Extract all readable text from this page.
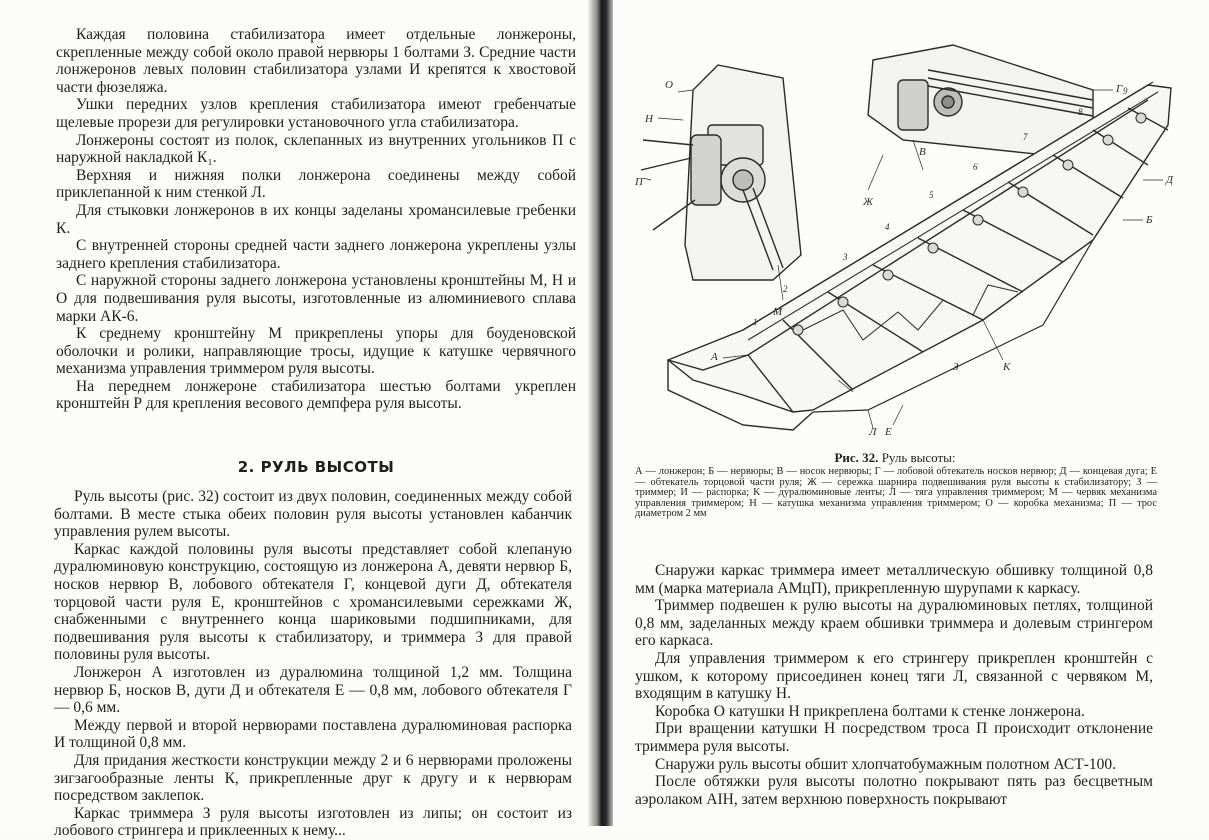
Каждая половина стабилизатора имеет отдельные лонжероны, скрепленные между собой около правой нервюры 1 болтами З. Средние части лонжеронов левых половин стабилизатора узлами И крепятся к хвостовой части фюзеляжа.

Ушки передних узлов крепления стабилизатора имеют гребенчатые щелевые прорези для регулировки установочного угла стабилизатора.

Лонжероны состоят из полок, склепанных из внутренних угольников П с наружной накладкой К₁.

Верхняя и нижняя полки лонжерона соединены между собой приклепанной к ним стенкой Л.

Для стыковки лонжеронов в их концы заделаны хромансилевые гребенки К.

С внутренней стороны средней части заднего лонжерона укреплены узлы заднего крепления стабилизатора.

С наружной стороны заднего лонжерона установлены кронштейны М, Н и О для подвешивания руля высоты, изготовленные из алюминиевого сплава марки АК-6.

К среднему кронштейну М прикреплены упоры для боуденовской оболочки и ролики, направляющие тросы, идущие к катушке червячного механизма управления триммером руля высоты.

На переднем лонжероне стабилизатора шестью болтами укреплен кронштейн Р для крепления весового демпфера руля высоты.

2. РУЛЬ ВЫСОТЫ

Руль высоты (рис. 32) состоит из двух половин, соединенных между собой болтами. В месте стыка обеих половин руля высоты установлен кабанчик управления рулем высоты.

Каркас каждой половины руля высоты представляет собой клепаную дуралюминовую конструкцию, состоящую из лонжерона А, девяти нервюр Б, носков нервюр В, лобового обтекателя Г, концевой дуги Д, обтекателя торцовой части руля Е, кронштейнов с хромансилевыми сережками Ж, снабженными с внутреннего конца шариковыми подшипниками, для подвешивания руля высоты к стабилизатору, и триммера З для правой половины руля высоты.

Лонжерон А изготовлен из дуралюмина толщиной 1,2 мм. Толщина нервюр Б, носков В, дуги Д и обтекателя Е — 0,8 мм, лобового обтекателя Г — 0,6 мм.

Между первой и второй нервюрами поставлена дуралюминовая распорка И толщиной 0,8 мм.

Для придания жесткости конструкции между 2 и 6 нервюрами проложены зигзагообразные ленты К, прикрепленные друг к другу и к нервюрам посредством заклепок.

Каркас триммера З руля высоты изготовлен из липы; он состоит из лобового стрингера и приклеенных к нему...

О
Н
П
М
В
Ж
Г
Д
Б
А
К
З
Е
Л
1
2
3
4
5
6
7
8
9
Рис. 32. Руль высоты:
А — лонжерон; Б — нервюры; В — носок нервюры; Г — лобовой обтекатель носков нервюр; Д — концевая дуга; Е — обтекатель торцовой части руля; Ж — сережка шарнира подвешивания руля высоты к стабилизатору; З — триммер; И — распорка; К — дуралюминовые ленты; Л — тяга управления триммером; М — червяк механизма управления триммером; Н — катушка механизма управления триммером; О — коробка механизма; П — трос диаметром 2 мм

Снаружи каркас триммера имеет металлическую обшивку толщиной 0,8 мм (марка материала АМцП), прикрепленную шурупами к каркасу.

Триммер подвешен к рулю высоты на дуралюминовых петлях, толщиной 0,8 мм, заделанных между краем обшивки триммера и долевым стрингером его каркаса.

Для управления триммером к его стрингеру прикреплен кронштейн с ушком, к которому присоединен конец тяги Л, связанной с червяком М, входящим в катушку Н.

Коробка О катушки Н прикреплена болтами к стенке лонжерона.

При вращении катушки Н посредством троса П происходит отклонение триммера руля высоты.

Снаружи руль высоты обшит хлопчатобумажным полотном АСТ-100.

После обтяжки руля высоты полотно покрывают пять раз бесцветным аэролаком АІН, затем верхнюю поверхность покрывают
